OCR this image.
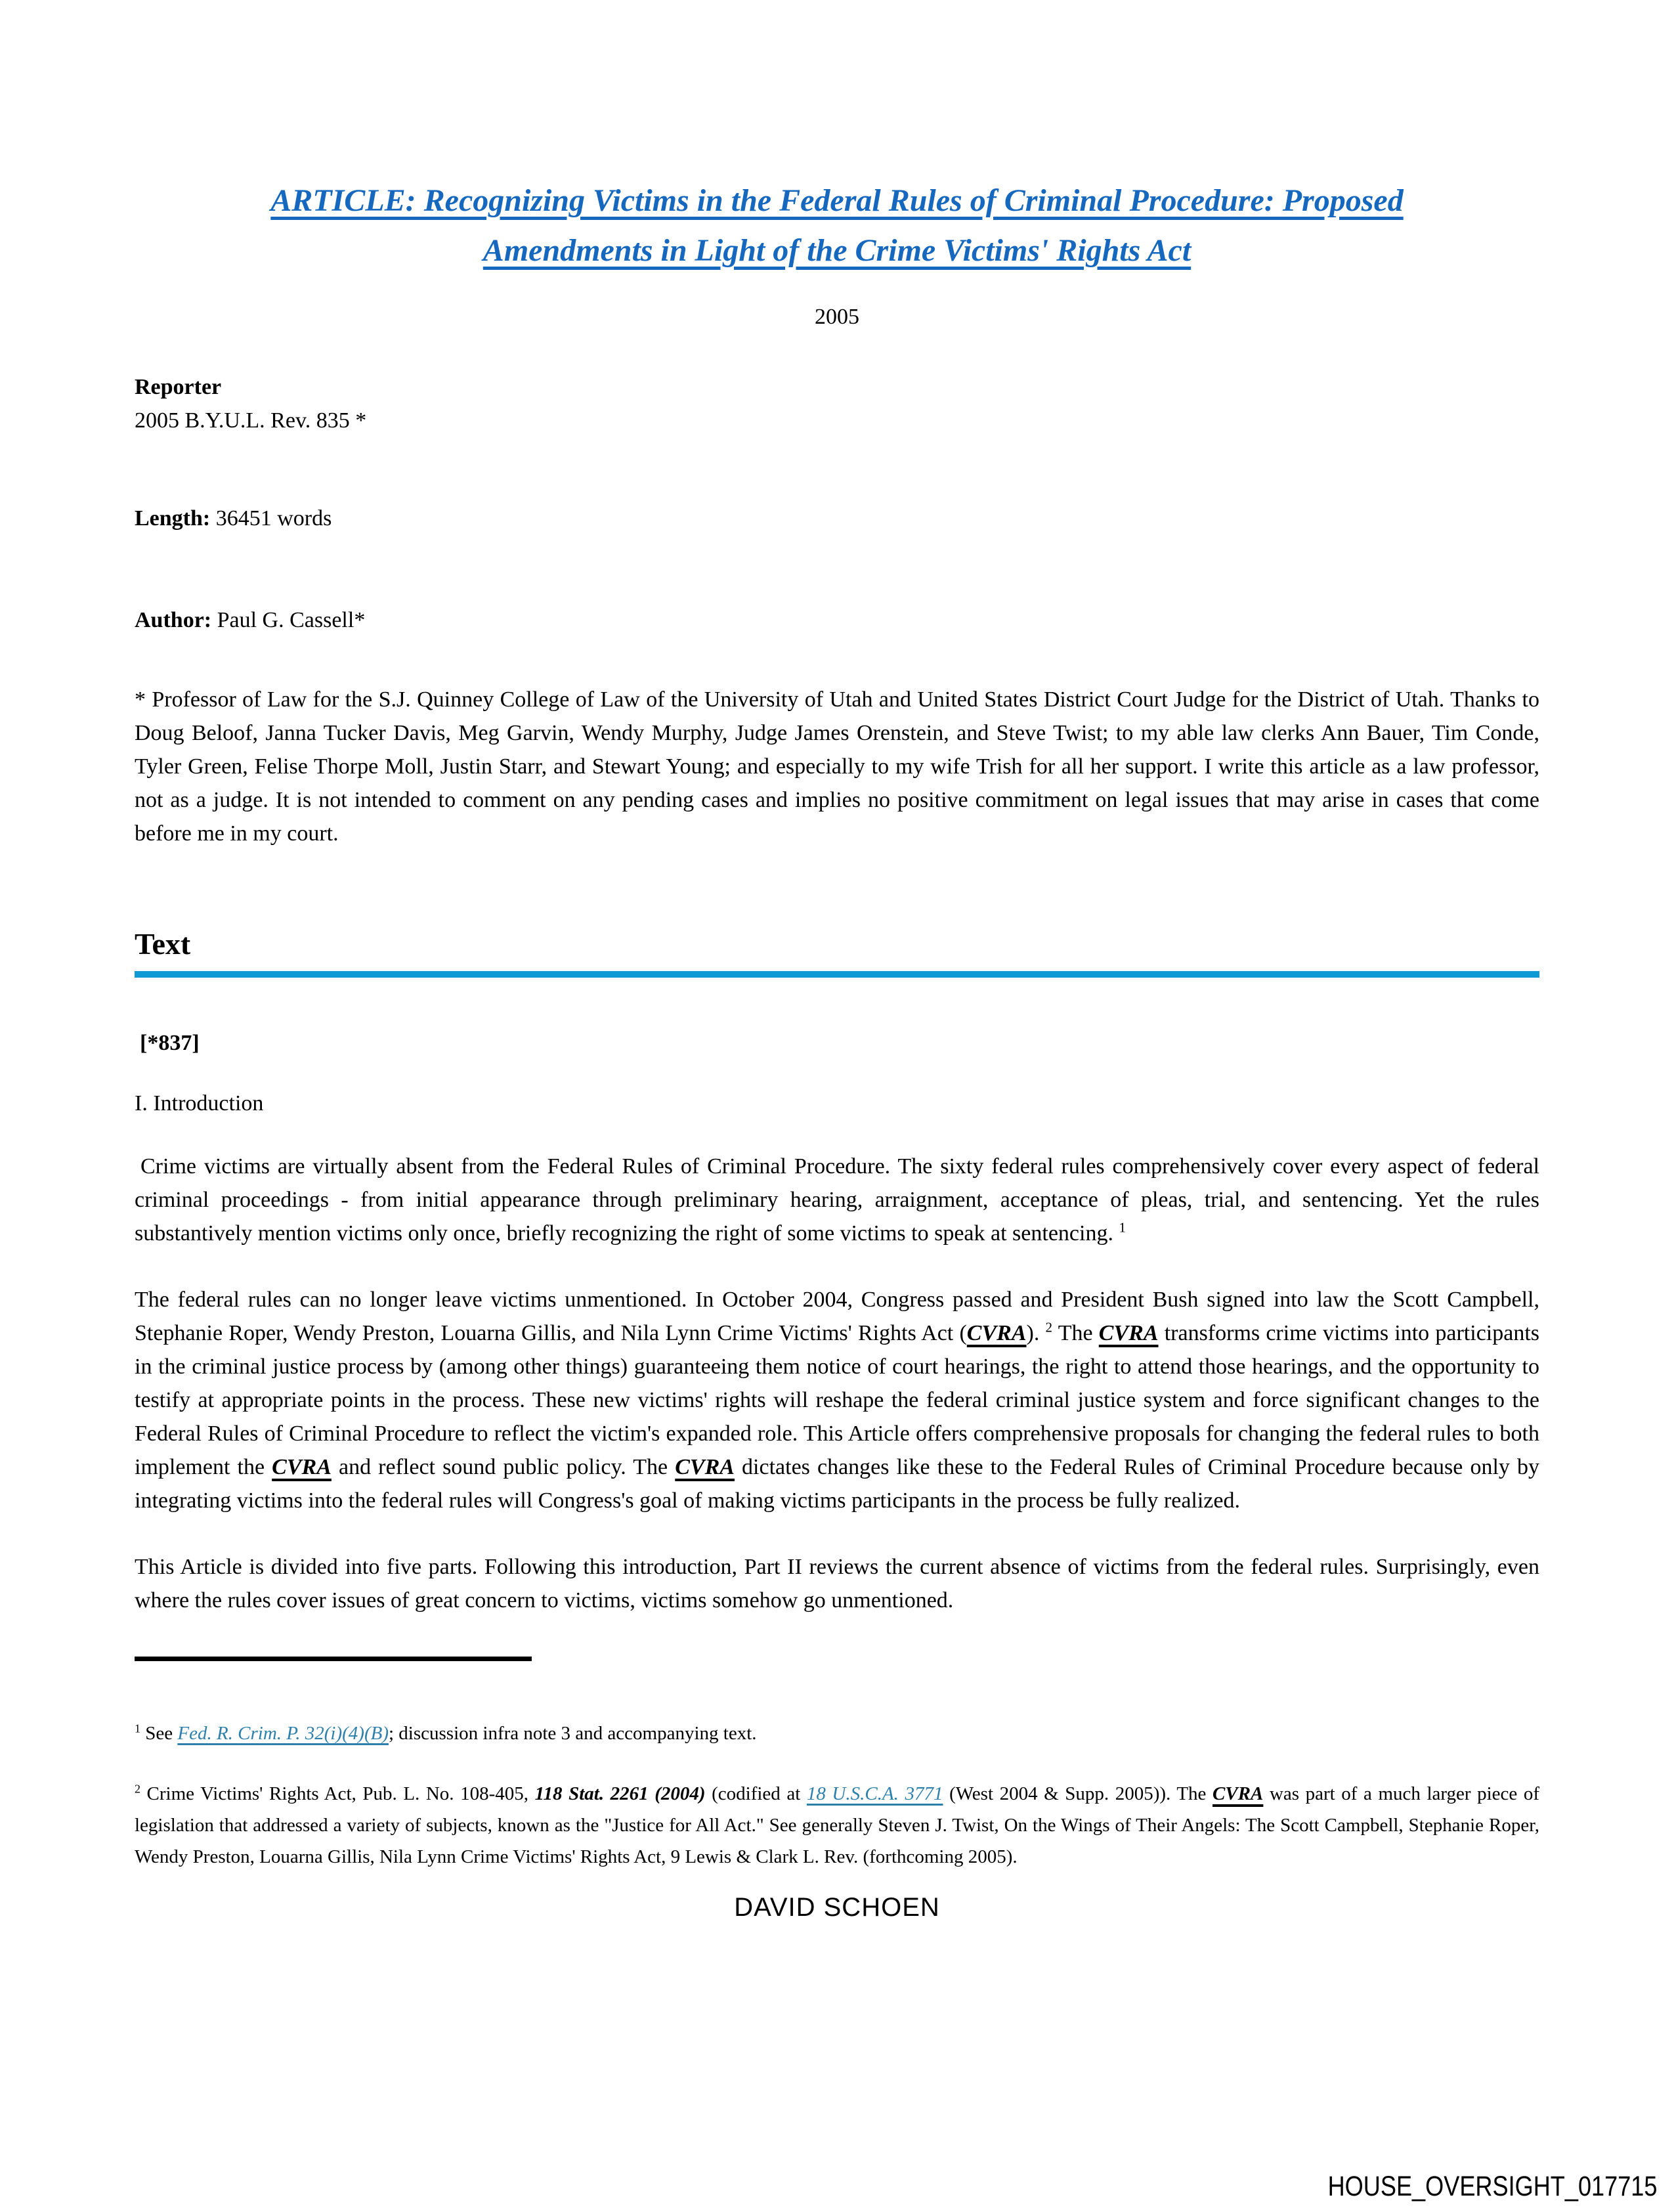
ARTICLE: Recognizing Victims in the Federal Rules of Criminal Procedure: Proposed
Amendments in Light of the Crime Victims' Rights Act
2005
Reporter
2005 B.Y.U.L. Rev. 835 *
Length: 36451 words
Author: Paul G. Cassell*
* Professor of Law for the S.J. Quinney College of Law of the University of Utah and United States District Court Judge for the District of Utah. Thanks to Doug Beloof, Janna Tucker Davis, Meg Garvin, Wendy Murphy, Judge James Orenstein, and Steve Twist; to my able law clerks Ann Bauer, Tim Conde, Tyler Green, Felise Thorpe Moll, Justin Starr, and Stewart Young; and especially to my wife Trish for all her support. I write this article as a law professor, not as a judge. It is not intended to comment on any pending cases and implies no positive commitment on legal issues that may arise in cases that come before me in my court.
Text
[*837]
I. Introduction
Crime victims are virtually absent from the Federal Rules of Criminal Procedure. The sixty federal rules comprehensively cover every aspect of federal criminal proceedings - from initial appearance through preliminary hearing, arraignment, acceptance of pleas, trial, and sentencing. Yet the rules substantively mention victims only once, briefly recognizing the right of some victims to speak at sentencing. $^1$
The federal rules can no longer leave victims unmentioned. In October 2004, Congress passed and President Bush signed into law the Scott Campbell, Stephanie Roper, Wendy Preston, Louarna Gillis, and Nila Lynn Crime Victims' Rights Act (CVRA). $^2$ The CVRA transforms crime victims into participants in the criminal justice process by (among other things) guaranteeing them notice of court hearings, the right to attend those hearings, and the opportunity to testify at appropriate points in the process. These new victims' rights will reshape the federal criminal justice system and force significant changes to the Federal Rules of Criminal Procedure to reflect the victim's expanded role. This Article offers comprehensive proposals for changing the federal rules to both implement the CVRA and reflect sound public policy. The CVRA dictates changes like these to the Federal Rules of Criminal Procedure because only by integrating victims into the federal rules will Congress's goal of making victims participants in the process be fully realized.
This Article is divided into five parts. Following this introduction, Part II reviews the current absence of victims from the federal rules. Surprisingly, even where the rules cover issues of great concern to victims, victims somehow go unmentioned.
$^1$ See Fed. R. Crim. P. 32(i)(4)(B); discussion infra note 3 and accompanying text.
$^2$ Crime Victims' Rights Act, Pub. L. No. 108-405, 118 Stat. 2261 (2004) (codified at 18 U.S.C.A. 3771 (West 2004 & Supp. 2005)). The CVRA was part of a much larger piece of legislation that addressed a variety of subjects, known as the "Justice for All Act." See generally Steven J. Twist, On the Wings of Their Angels: The Scott Campbell, Stephanie Roper, Wendy Preston, Louarna Gillis, Nila Lynn Crime Victims' Rights Act, 9 Lewis & Clark L. Rev. (forthcoming 2005).
DAVID SCHOEN
HOUSE_OVERSIGHT_017715
